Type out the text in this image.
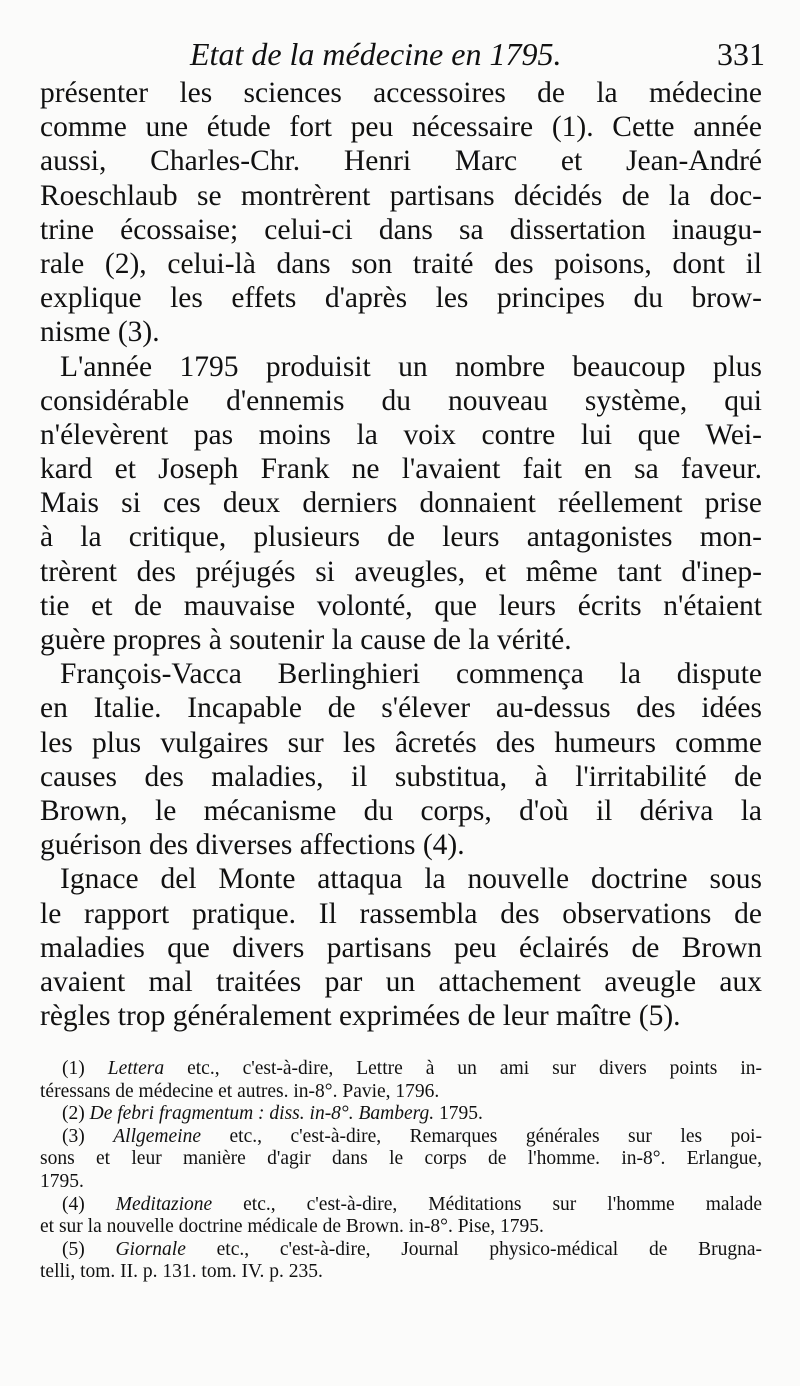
Etat de la médecine en 1795.	331
présenter les sciences accessoires de la médecine
comme une étude fort peu nécessaire (1). Cette année
aussi, Charles-Chr. Henri Marc et Jean-André
Roeschlaub se montrèrent partisans décidés de la doc-
trine écossaise; celui-ci dans sa dissertation inaugu-
rale (2), celui-là dans son traité des poisons, dont il
explique les effets d'après les principes du brow-
nisme (3).
L'année 1795 produisit un nombre beaucoup plus
considérable d'ennemis du nouveau système, qui
n'élevèrent pas moins la voix contre lui que Wei-
kard et Joseph Frank ne l'avaient fait en sa faveur.
Mais si ces deux derniers donnaient réellement prise
à la critique, plusieurs de leurs antagonistes mon-
trèrent des préjugés si aveugles, et même tant d'inep-
tie et de mauvaise volonté, que leurs écrits n'étaient
guère propres à soutenir la cause de la vérité.
François-Vacca Berlinghieri commença la dispute
en Italie. Incapable de s'élever au-dessus des idées
les plus vulgaires sur les âcretés des humeurs comme
causes des maladies, il substitua, à l'irritabilité de
Brown, le mécanisme du corps, d'où il dériva la
guérison des diverses affections (4).
Ignace del Monte attaqua la nouvelle doctrine sous
le rapport pratique. Il rassembla des observations de
maladies que divers partisans peu éclairés de Brown
avaient mal traitées par un attachement aveugle aux
règles trop généralement exprimées de leur maître (5).
(1) Lettera etc., c'est-à-dire, Lettre à un ami sur divers points in-
téressans de médecine et autres. in-8°. Pavie, 1796.
(2) De febri fragmentum : diss. in-8°. Bamberg. 1795.
(3) Allgemeine etc., c'est-à-dire, Remarques générales sur les poi-
sons et leur manière d'agir dans le corps de l'homme. in-8°. Erlangue,
1795.
(4) Meditazione etc., c'est-à-dire, Méditations sur l'homme malade
et sur la nouvelle doctrine médicale de Brown. in-8°. Pise, 1795.
(5) Giornale etc., c'est-à-dire, Journal physico-médical de Brugna-
telli, tom. II. p. 131. tom. IV. p. 235.
